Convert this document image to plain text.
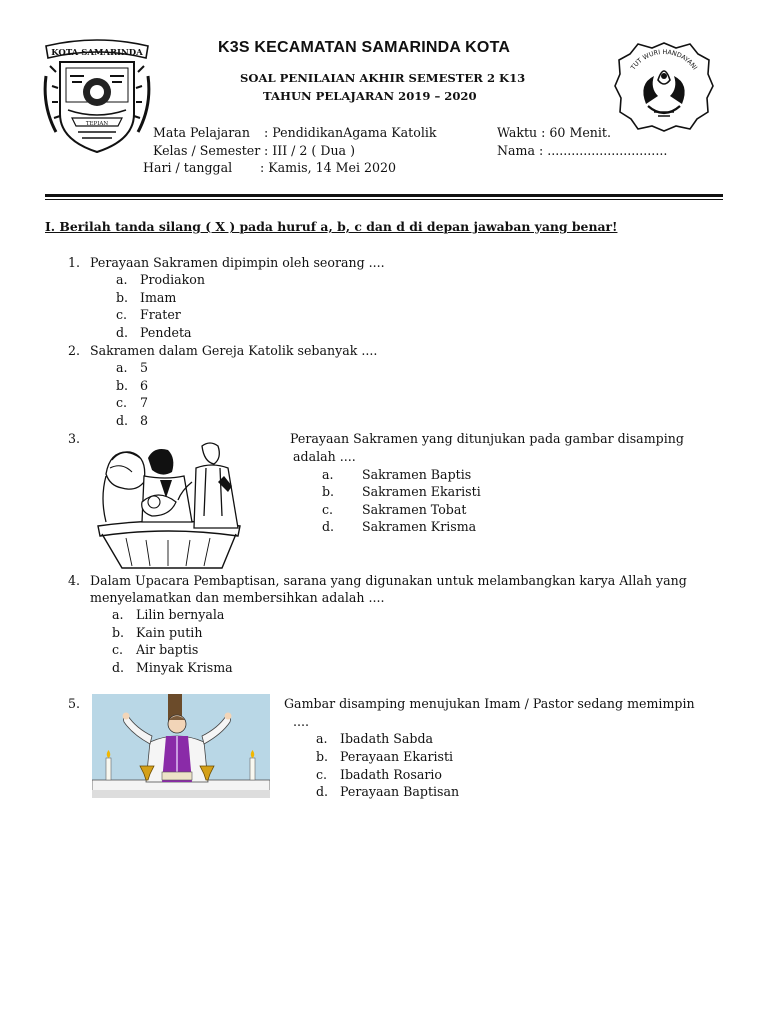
KOTA SAMARINDA
TEPIAN
K3S KECAMATAN SAMARINDA KOTA
SOAL PENILAIAN AKHIR SEMESTER 2 K13
TAHUN PELAJARAN 2019 – 2020
TUT WURI HANDAYANI
Mata Pelajaran : PendidikanAgama Katolik	Waktu : 60 Menit.
Kelas / Semester : III / 2 ( Dua )	Nama : ..............................
Hari / tanggal : Kamis, 14 Mei 2020
I. Berilah tanda silang ( X ) pada huruf a, b, c dan d di depan jawaban yang benar!
1. Perayaan Sakramen dipimpin oleh seorang ....
a. Prodiakon
b. Imam
c.	Frater
d. Pendeta
2. Sakramen dalam Gereja Katolik sebanyak ....
a. 5
b. 6
c.	7
d. 8
3.	Perayaan Sakramen yang ditunjukan pada gambar disamping
adalah ....
a.	Sakramen Baptis
b.	Sakramen Ekaristi
c.	Sakramen Tobat
d.	Sakramen Krisma
4. Dalam Upacara Pembaptisan, sarana yang digunakan untuk melambangkan karya Allah yang
menyelamatkan dan membersihkan adalah ....
a. Lilin bernyala
b. Kain putih
c.	Air baptis
d. Minyak Krisma
5.	Gambar disamping menujukan Imam / Pastor sedang memimpin
....
a. Ibadath Sabda
b. Perayaan Ekaristi
c.	Ibadath Rosario
d. Perayaan Baptisan
